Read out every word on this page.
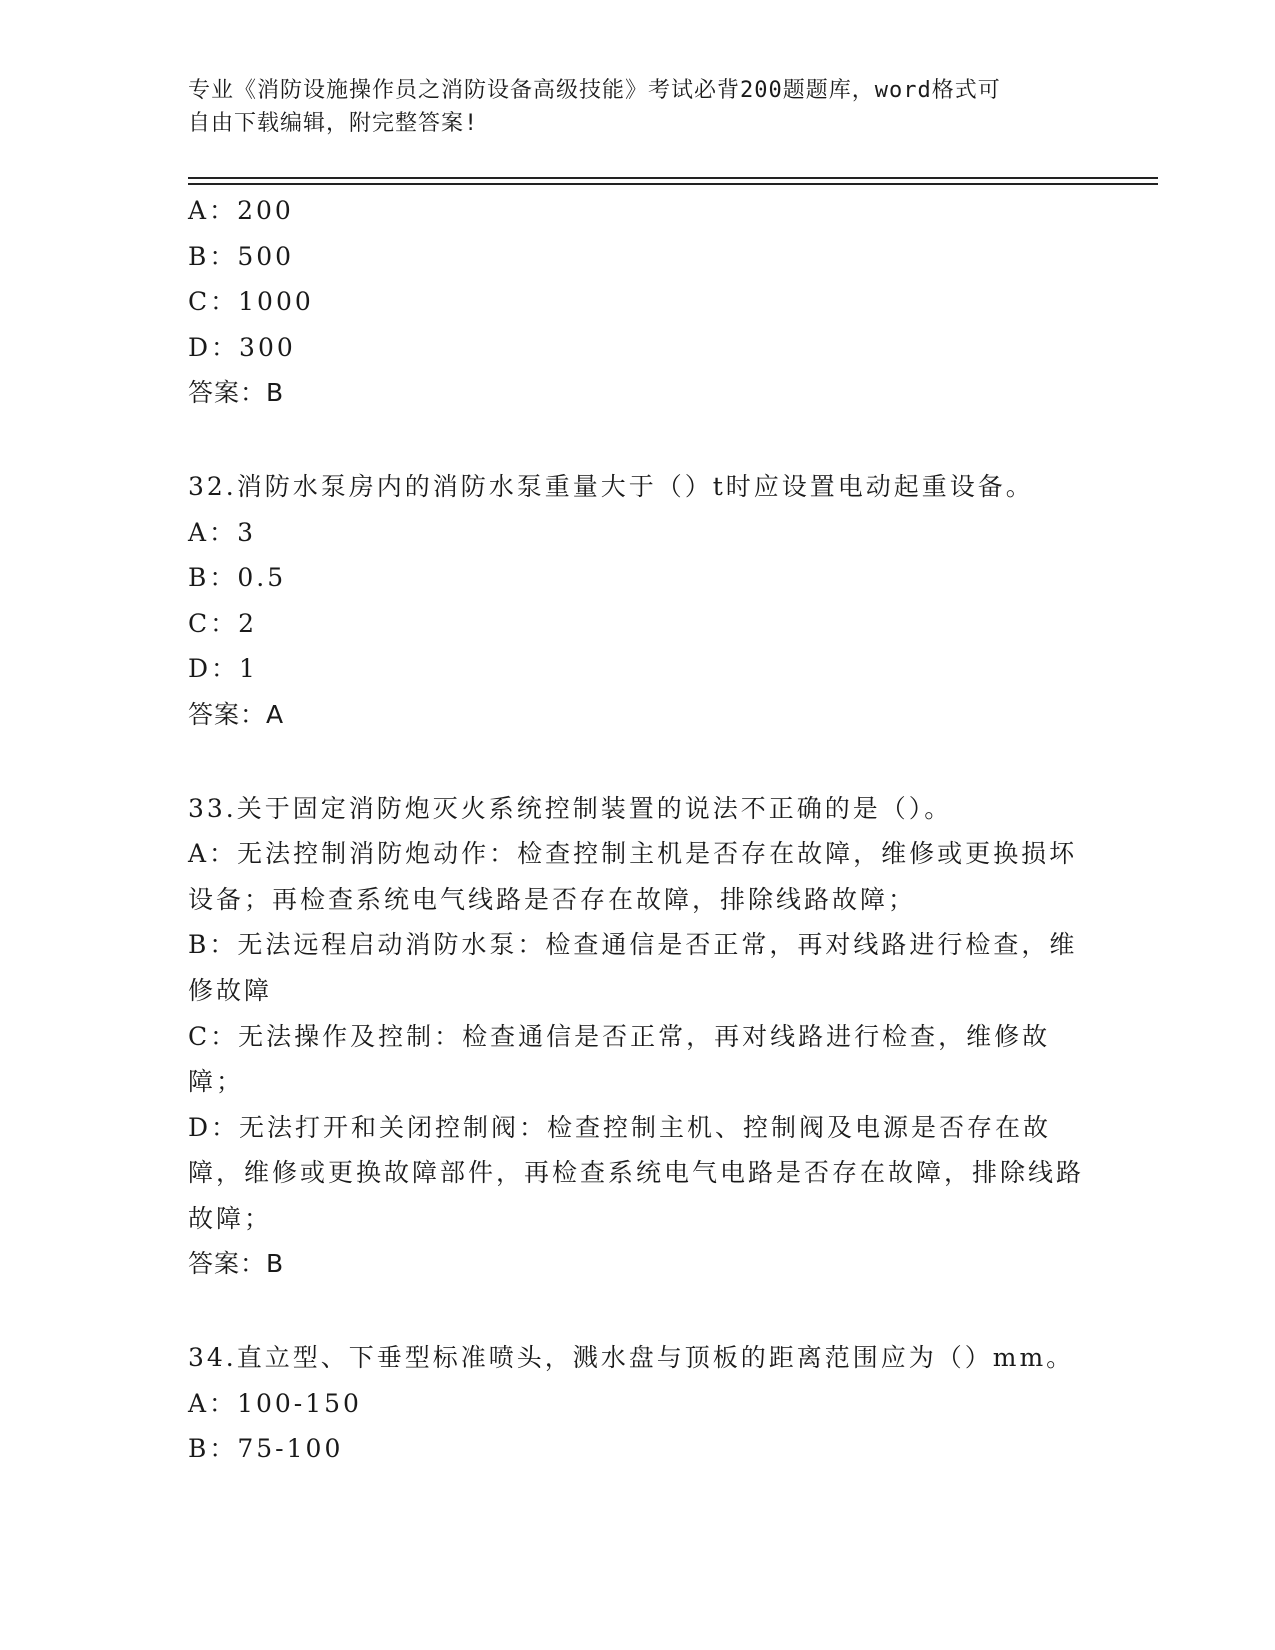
专业《消防设施操作员之消防设备高级技能》考试必背200题题库，word格式可
自由下载编辑，附完整答案!
A：200
B：500
C：1000
D：300
答案：B
32.消防水泵房内的消防水泵重量大于（）t时应设置电动起重设备。
A：3
B：0.5
C：2
D：1
答案：A
33.关于固定消防炮灭火系统控制装置的说法不正确的是（）。
A：无法控制消防炮动作：检查控制主机是否存在故障，维修或更换损坏设备；再检查系统电气线路是否存在故障，排除线路故障；
B：无法远程启动消防水泵：检查通信是否正常，再对线路进行检查，维修故障
C：无法操作及控制：检查通信是否正常，再对线路进行检查，维修故障；
D：无法打开和关闭控制阀：检查控制主机、控制阀及电源是否存在故障，维修或更换故障部件，再检查系统电气电路是否存在故障，排除线路故障；
答案：B
34.直立型、下垂型标准喷头，溅水盘与顶板的距离范围应为（）mm。
A：100-150
B：75-100
